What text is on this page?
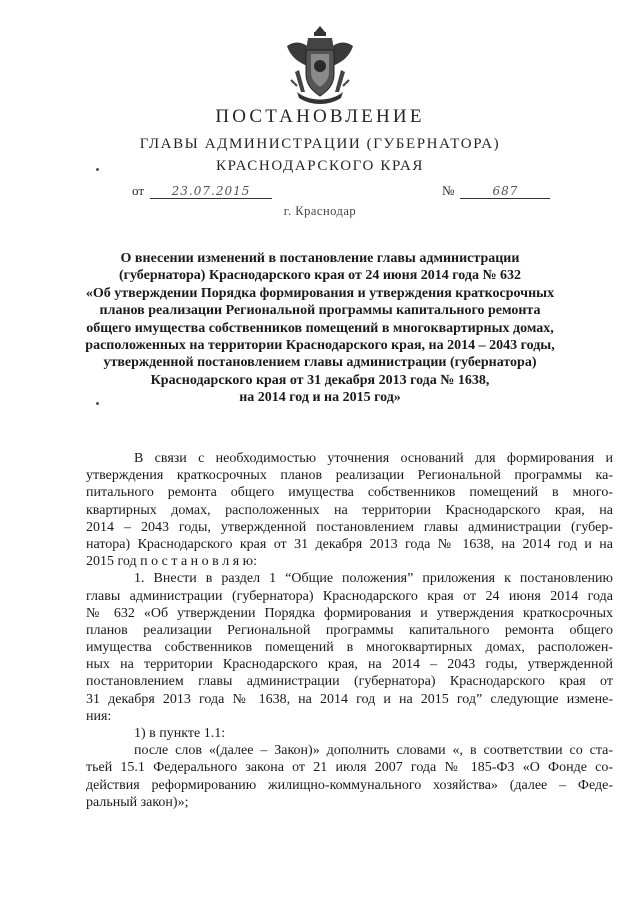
ПОСТАНОВЛЕНИЕ
ГЛАВЫ АДМИНИСТРАЦИИ (ГУБЕРНАТОРА)
КРАСНОДАРСКОГО КРАЯ
от 23.07.2015	№	687
г. Краснодар
О внесении изменений в постановление главы администрации
(губернатора) Краснодарского края от 24 июня 2014 года № 632
«Об утверждении Порядка формирования и утверждения краткосрочных
планов реализации Региональной программы капитального ремонта
общего имущества собственников помещений в многоквартирных домах,
расположенных на территории Краснодарского края, на 2014 – 2043 годы,
утвержденной постановлением главы администрации (губернатора)
Краснодарского края от 31 декабря 2013 года № 1638,
на 2014 год и на 2015 год»
В связи с необходимостью уточнения оснований для формирования и
утверждения краткосрочных планов реализации Региональной программы ка-
питального ремонта общего имущества собственников помещений в много-
квартирных домах, расположенных на территории Краснодарского края, на
2014 – 2043 годы, утвержденной постановлением главы администрации (губер-
натора) Краснодарского края от 31 декабря 2013 года № 1638, на 2014 год и на
2015 год п о с т а н о в л я ю:
1. Внести в раздел 1 “Общие положения” приложения к постановлению
главы администрации (губернатора) Краснодарского края от 24 июня 2014 года
№ 632 «Об утверждении Порядка формирования и утверждения краткосрочных
планов реализации Региональной программы капитального ремонта общего
имущества собственников помещений в многоквартирных домах, расположен-
ных на территории Краснодарского края, на 2014 – 2043 годы, утвержденной
постановлением главы администрации (губернатора) Краснодарского края от
31 декабря 2013 года № 1638, на 2014 год и на 2015 год” следующие измене-
ния:
1) в пункте 1.1:
после слов «(далее – Закон)» дополнить словами «, в соответствии со ста-
тьей 15.1 Федерального закона от 21 июля 2007 года № 185-ФЗ «О Фонде со-
действия реформированию жилищно-коммунального хозяйства» (далее – Феде-
ральный закон)»;
